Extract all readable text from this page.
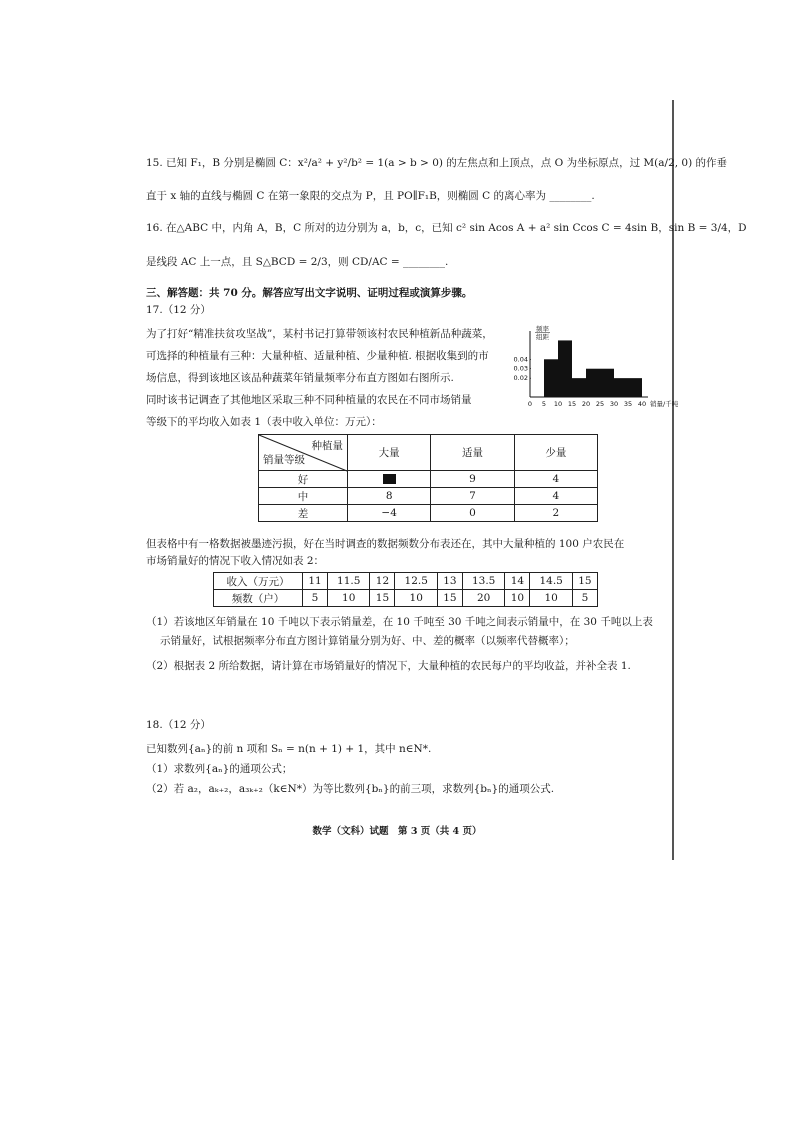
15. 已知 F₁，B 分别是椭圆 C：x²/a² + y²/b² = 1(a > b > 0) 的左焦点和上顶点，点 O 为坐标原点，过 M(a/2, 0) 的作垂
直于 x 轴的直线与椭圆 C 在第一象限的交点为 P，且 PO∥F₁B，则椭圆 C 的离心率为 ________.
16. 在△ABC 中，内角 A，B，C 所对的边分别为 a，b，c，已知 c² sin Acos A + a² sin Ccos C = 4sin B，sin B = 3/4，D
是线段 AC 上一点，且 S△BCD = 2/3，则 CD/AC = ________.
三、解答题：共 70 分。解答应写出文字说明、证明过程或演算步骤。
17.（12 分）
为了打好“精准扶贫攻坚战”，某村书记打算带领该村农民种植新品种蔬菜，
可选择的种植量有三种：大量种植、适量种植、少量种植. 根据收集到的市
场信息，得到该地区该品种蔬菜年销量频率分布直方图如右图所示.
同时该书记调查了其他地区采取三种不同种植量的农民在不同市场销量
等级下的平均收入如表 1（表中收入单位：万元）：
0.04
0.03
0.02
0 5 10 15 20 25 30 35 40 销量/千吨
频率
组距
种植量
销量等级	大量	适量	少量
好		9	4
中	8	7	4
差	−4	0	2
但表格中有一格数据被墨迹污损，好在当时调查的数据频数分布表还在，其中大量种植的 100 户农民在
市场销量好的情况下收入情况如表 2：
收入（万元）	11	11.5	12	12.5	13	13.5	14	14.5	15
频数（户）	5	10	15	10	15	20	10	10	5
（1）若该地区年销量在 10 千吨以下表示销量差，在 10 千吨至 30 千吨之间表示销量中，在 30 千吨以上表
示销量好，试根据频率分布直方图计算销量分别为好、中、差的概率（以频率代替概率）；
（2）根据表 2 所给数据，请计算在市场销量好的情况下，大量种植的农民每户的平均收益，并补全表 1.
18.（12 分）
已知数列{aₙ}的前 n 项和 Sₙ = n(n + 1) + 1，其中 n∈N*.
（1）求数列{aₙ}的通项公式；
（2）若 a₂，aₖ₊₂，a₃ₖ₊₂（k∈N*）为等比数列{bₙ}的前三项，求数列{bₙ}的通项公式.
数学（文科）试题　第 3 页（共 4 页）
